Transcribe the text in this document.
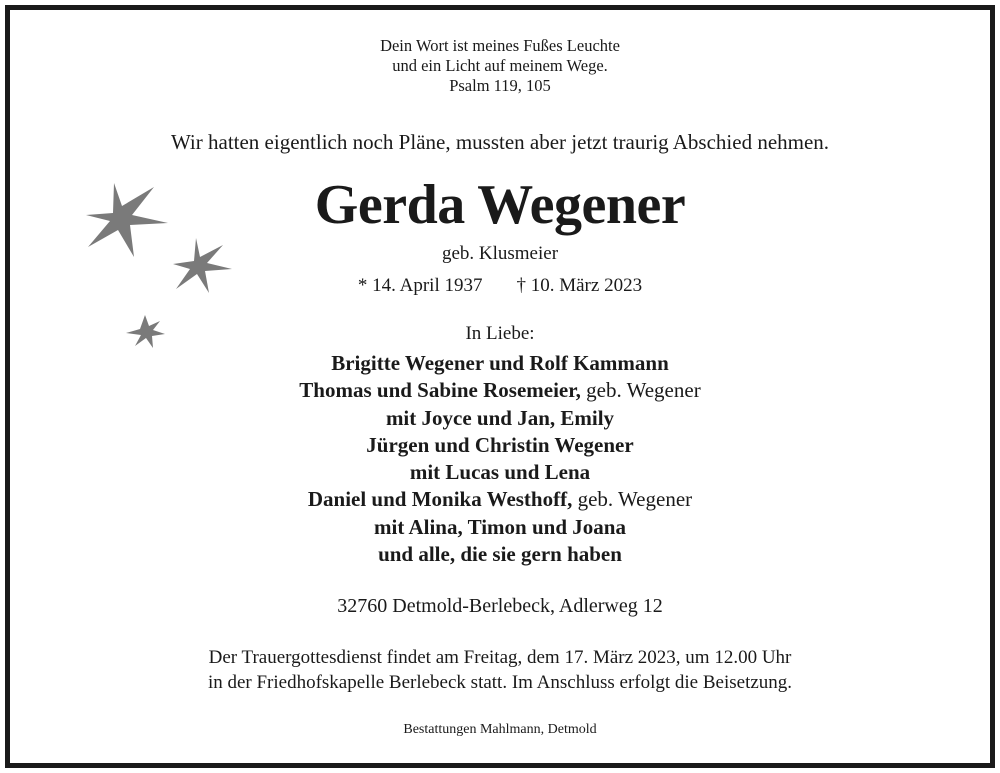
Dein Wort ist meines Fußes Leuchte
und ein Licht auf meinem Wege.
Psalm 119, 105
Wir hatten eigentlich noch Pläne, mussten aber jetzt traurig Abschied nehmen.
Gerda Wegener
geb. Klusmeier
* 14. April 1937 † 10. März 2023
In Liebe:
Brigitte Wegener und Rolf Kammann
Thomas und Sabine Rosemeier, geb. Wegener
mit Joyce und Jan, Emily
Jürgen und Christin Wegener
mit Lucas und Lena
Daniel und Monika Westhoff, geb. Wegener
mit Alina, Timon und Joana
und alle, die sie gern haben
32760 Detmold-Berlebeck, Adlerweg 12
Der Trauergottesdienst findet am Freitag, dem 17. März 2023, um 12.00 Uhr
in der Friedhofskapelle Berlebeck statt. Im Anschluss erfolgt die Beisetzung.
Bestattungen Mahlmann, Detmold
